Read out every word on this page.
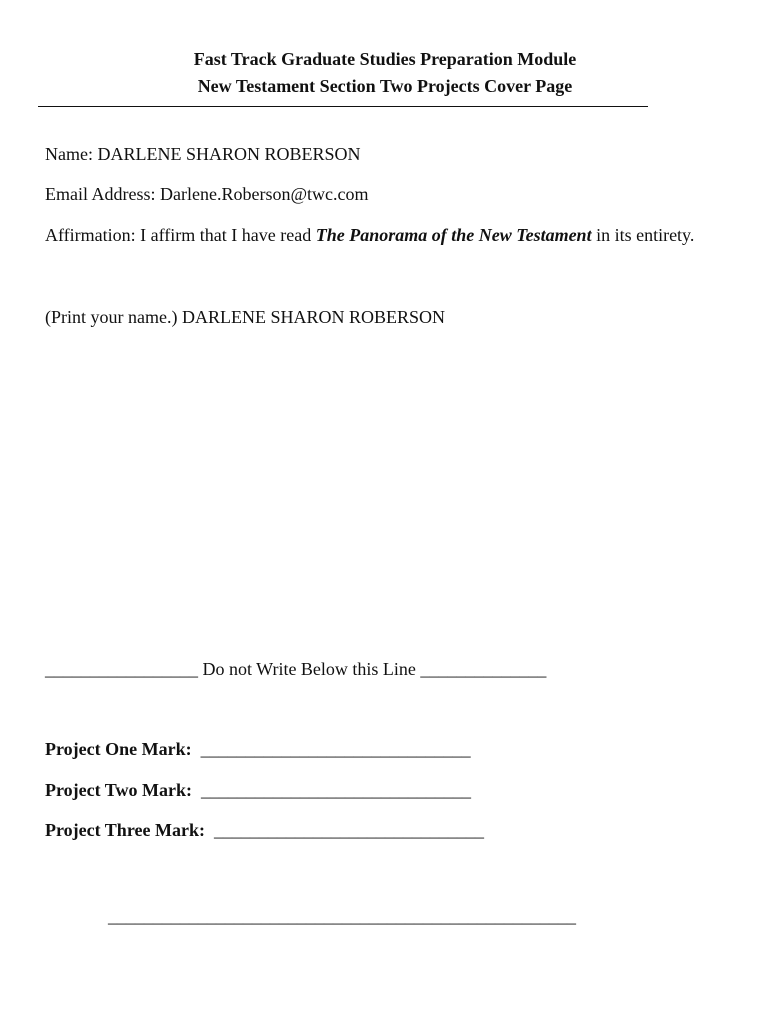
Fast Track Graduate Studies Preparation Module
New Testament Section Two Projects Cover Page
Name: DARLENE SHARON ROBERSON
Email Address: Darlene.Roberson@twc.com
Affirmation: I affirm that I have read The Panorama of the New Testament in its entirety.
(Print your name.) DARLENE SHARON ROBERSON
_________________ Do not Write Below this Line ______________
Project One Mark:  ______________________________
Project Two Mark:  ______________________________
Project Three Mark:  ______________________________
____________________________________________________
